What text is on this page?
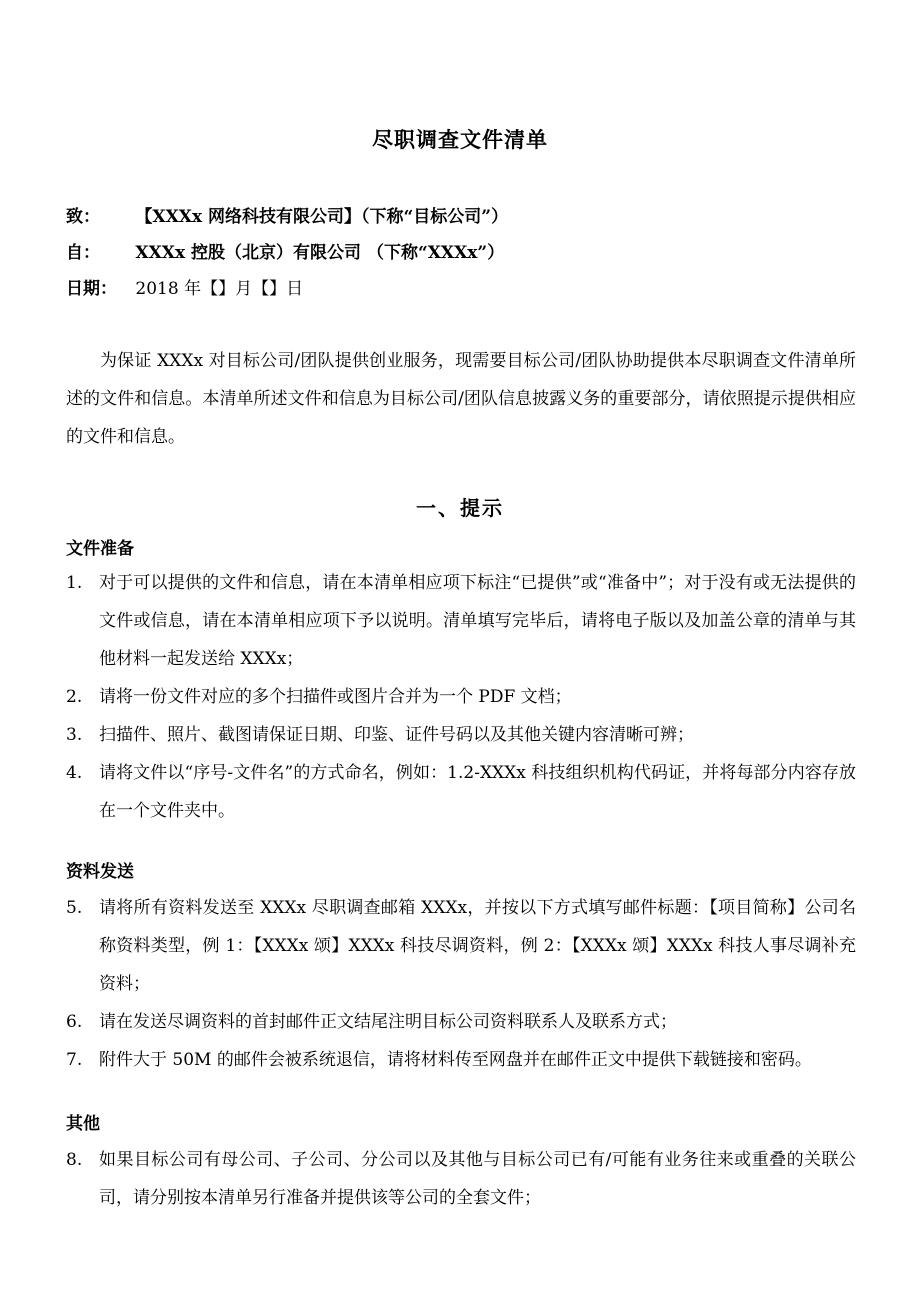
尽职调查文件清单
致： 【XXXx 网络科技有限公司】（下称“目标公司”）
自： XXXx 控股（北京）有限公司 （下称“XXXx”）
日期： 2018 年【】月【】日

为保证 XXXx 对目标公司/团队提供创业服务，现需要目标公司/团队协助提供本尽职调查文件清单所述的文件和信息。本清单所述文件和信息为目标公司/团队信息披露义务的重要部分，请依照提示提供相应的文件和信息。

一、提示
文件准备
1. 对于可以提供的文件和信息，请在本清单相应项下标注“已提供”或“准备中”；对于没有或无法提供的文件或信息，请在本清单相应项下予以说明。清单填写完毕后，请将电子版以及加盖公章的清单与其他材料一起发送给 XXXx；
2. 请将一份文件对应的多个扫描件或图片合并为一个 PDF 文档；
3. 扫描件、照片、截图请保证日期、印鉴、证件号码以及其他关键内容清晰可辨；
4. 请将文件以“序号-文件名”的方式命名，例如：1.2-XXXx 科技组织机构代码证，并将每部分内容存放在一个文件夹中。
资料发送
5. 请将所有资料发送至 XXXx 尽职调查邮箱 XXXx，并按以下方式填写邮件标题：【项目简称】公司名称资料类型，例 1：【XXXx 颂】XXXx 科技尽调资料，例 2：【XXXx 颂】XXXx 科技人事尽调补充资料；
6. 请在发送尽调资料的首封邮件正文结尾注明目标公司资料联系人及联系方式；
7. 附件大于 50M 的邮件会被系统退信，请将材料传至网盘并在邮件正文中提供下载链接和密码。
其他
8. 如果目标公司有母公司、子公司、分公司以及其他与目标公司已有/可能有业务往来或重叠的关联公司，请分别按本清单另行准备并提供该等公司的全套文件；
